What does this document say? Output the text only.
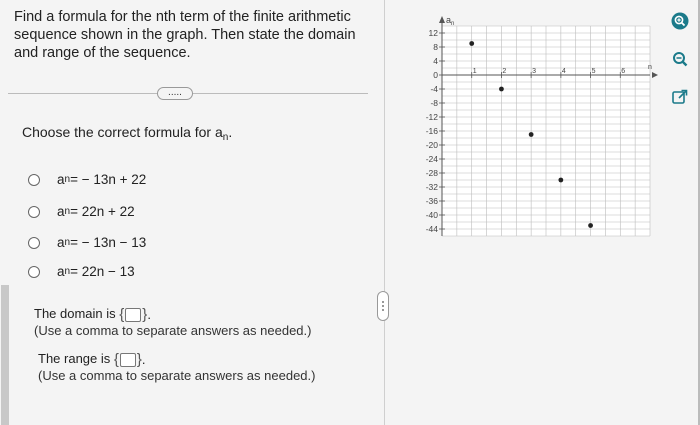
Find a formula for the nth term of the finite arithmetic sequence shown in the graph. Then state the domain and range of the sequence.
.....
Choose the correct formula for $a_n$.
a n = − 13n + 22
a n = 22n + 22
a n = − 13n − 13
a n = 22n − 13
The domain is { } .

(Use a comma to separate answers as needed.)
The range is { } .

(Use a comma to separate answers as needed.)
$a_n$
n
12
8
4
0
-4
-8
-12
-16
-20
-24
-28
-32
-36
-40
-44
1	2	3	4	5	6
